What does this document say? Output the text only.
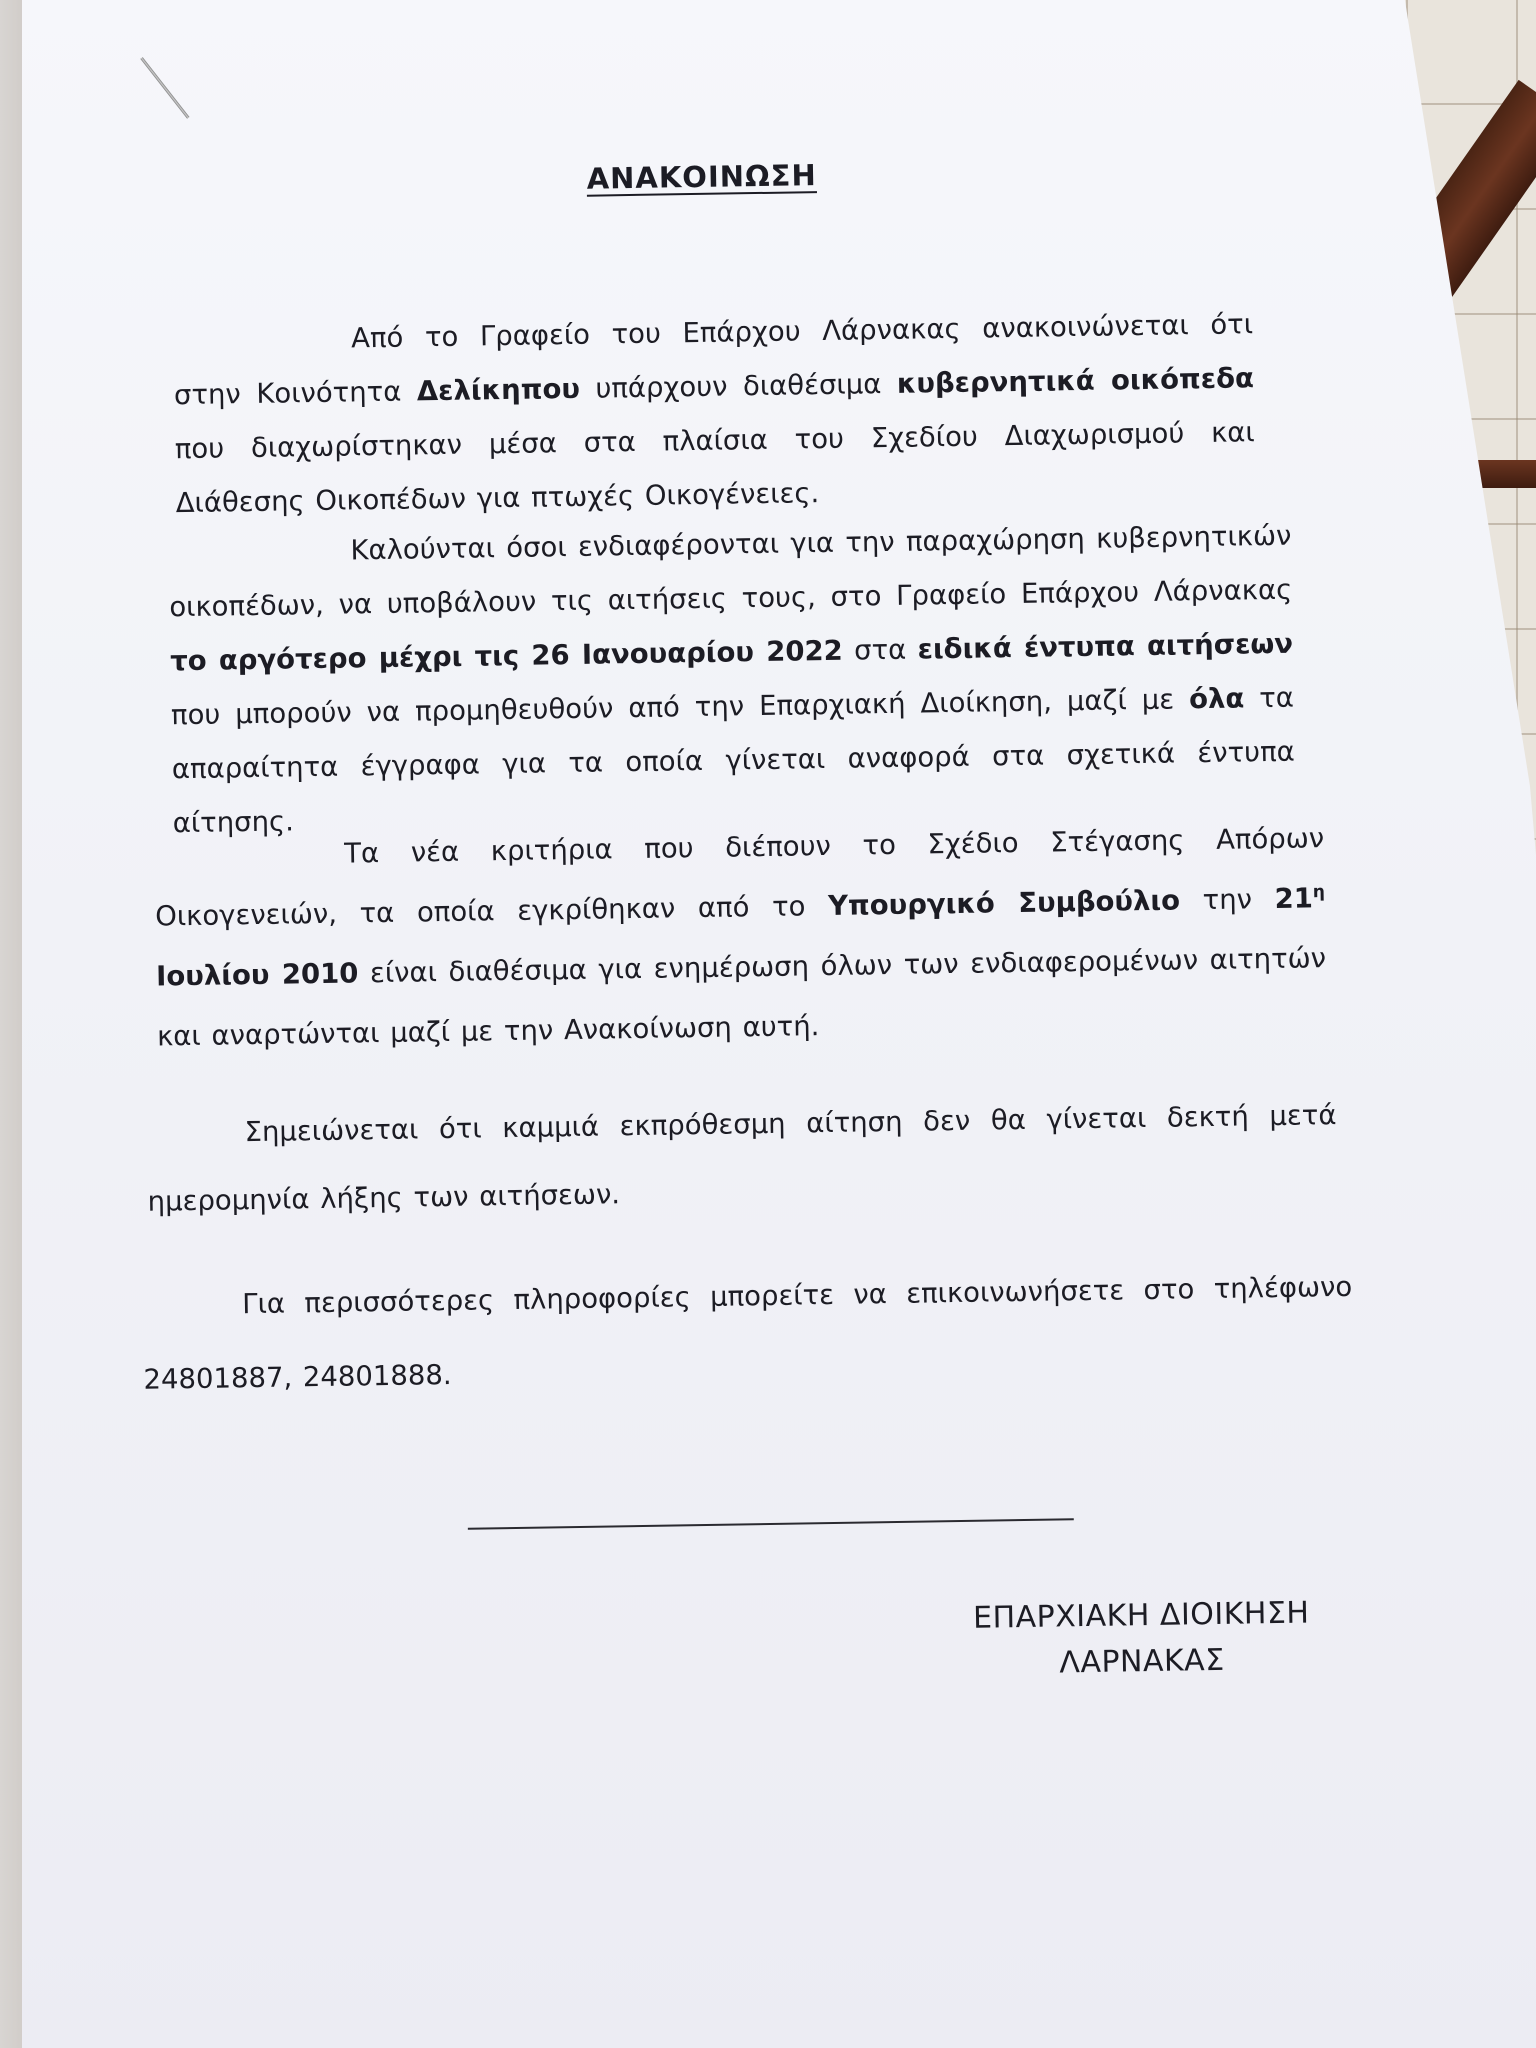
ΑΝΑΚΟΙΝΩΣΗ

Από το Γραφείο του Επάρχου Λάρνακας ανακοινώνεται ότι στην Κοινότητα Δελίκηπου υπάρχουν διαθέσιμα κυβερνητικά οικόπεδα που διαχωρίστηκαν μέσα στα πλαίσια του Σχεδίου Διαχωρισμού και Διάθεσης Οικοπέδων για πτωχές Οικογένειες.

Καλούνται όσοι ενδιαφέρονται για την παραχώρηση κυβερνητικών οικοπέδων, να υποβάλουν τις αιτήσεις τους, στο Γραφείο Επάρχου Λάρνακας το αργότερο μέχρι τις 26 Ιανουαρίου 2022 στα ειδικά έντυπα αιτήσεων που μπορούν να προμηθευθούν από την Επαρχιακή Διοίκηση, μαζί με όλα τα απαραίτητα έγγραφα για τα οποία γίνεται αναφορά στα σχετικά έντυπα αίτησης.	Τα νέα κριτήρια που διέπουν το Σχέδιο Στέγασης Απόρων Οικογενειών, τα οποία εγκρίθηκαν από το Υπουργικό Συμβούλιο την $21^\eta$ Ιουλίου 2010 είναι διαθέσιμα για ενημέρωση όλων των ενδιαφερομένων αιτητών και αναρτώνται μαζί με την Ανακοίνωση αυτή.

Σημειώνεται ότι καμμιά εκπρόθεσμη αίτηση δεν θα γίνεται δεκτή μετά ημερομηνία λήξης των αιτήσεων.

Για περισσότερες πληροφορίες μπορείτε να επικοινωνήσετε στο τηλέφωνο 24801887, 24801888.

ΕΠΑΡΧΙΑΚΗ ΔΙΟΙΚΗΣΗ
ΛΑΡΝΑΚΑΣ
